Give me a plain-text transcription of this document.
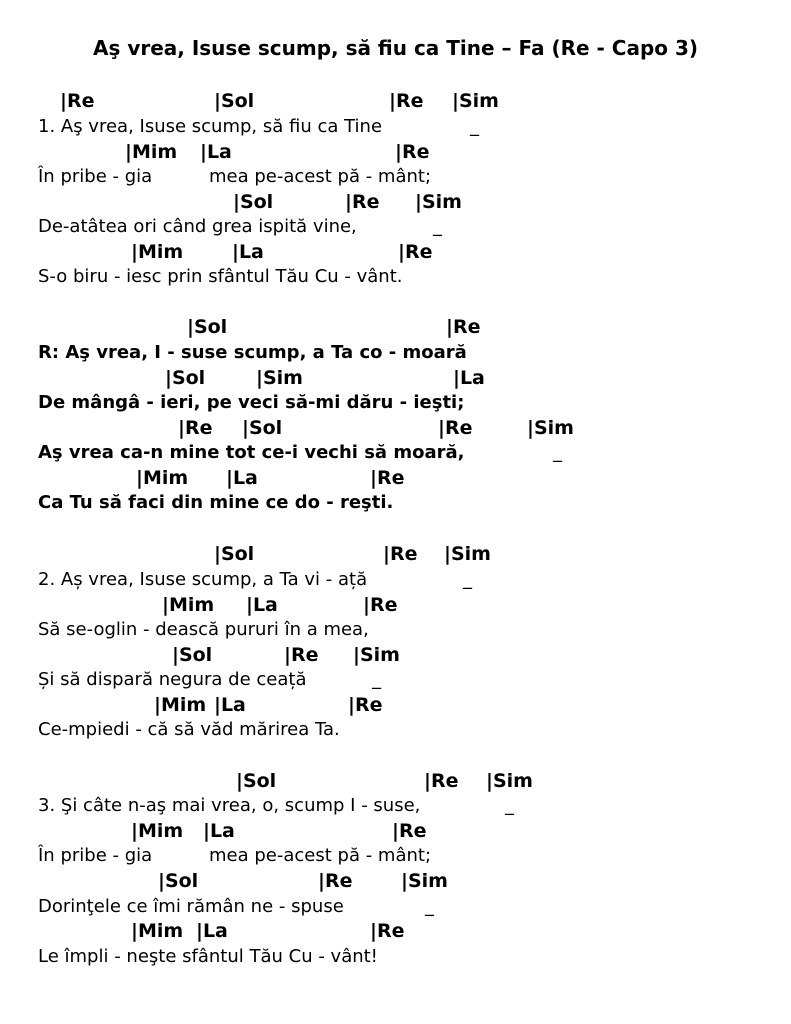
Aş vrea, Isuse scump, să fiu ca Tine – Fa (Re - Capo 3)
|Re	|Sol	|Re |Sim
1. Aş vrea, Isuse scump, să fiu ca Tine	_
|Mim |La	|Re
În pribe - gia	mea pe-acest pă - mânt;
|Sol	|Re |Sim
De-atâtea ori când grea ispită vine,	_
|Mim	|La	|Re
S-o biru - iesc prin sfântul Tău Cu - vânt.
|Sol	|Re
R: Aş vrea, I - suse scump, a Ta co - moară
|Sol	|Sim	|La
De mângâ - ieri, pe veci să-mi dăru - ieşti;
|Re |Sol	|Re	|Sim
Aş vrea ca-n mine tot ce-i vechi să moară,	_
|Mim |La	|Re
Ca Tu să faci din mine ce do - reşti.
|Sol	|Re |Sim
2. Aș vrea, Isuse scump, a Ta vi - ață	_
|Mim |La	|Re
Să se-oglin - dească pururi în a mea,
|Sol	|Re |Sim
Și să dispară negura de ceață	_
|Mim |La	|Re
Ce-mpiedi - că să văd mărirea Ta.
|Sol	|Re |Sim
3. Şi câte n-aş mai vrea, o, scump I - suse,	_
|Mim |La	|Re
În pribe - gia	mea pe-acest pă - mânt;
|Sol	|Re	|Sim
Dorinţele ce îmi rămân ne - spuse	_
|Mim |La	|Re
Le împli - neşte sfântul Tău Cu - vânt!
